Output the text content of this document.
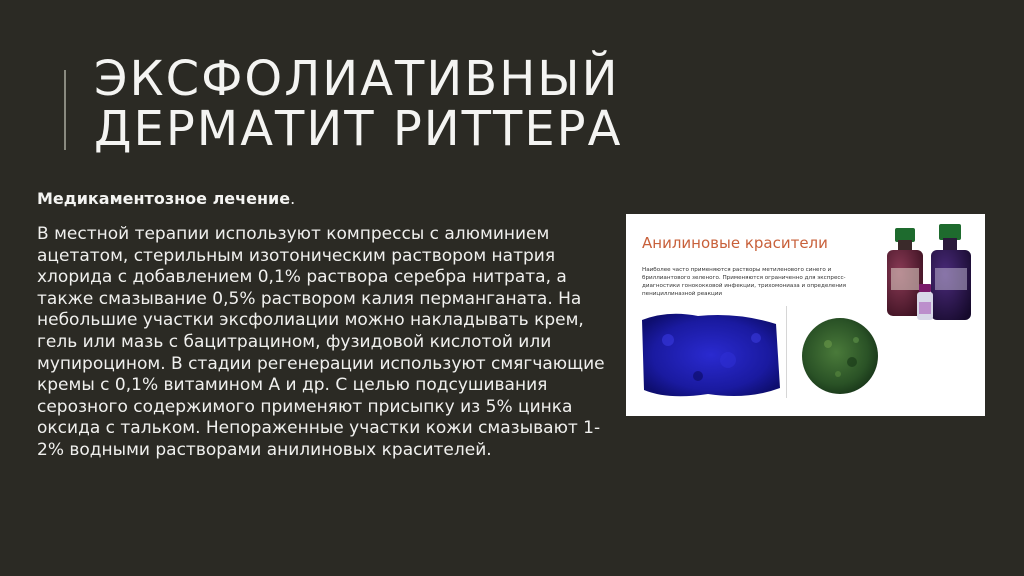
ЭКСФОЛИАТИВНЫЙ
ДЕРМАТИТ РИТТЕРА
Медикаментозное лечение.

В местной терапии используют компрессы с алюминием ацетатом, стерильным изотоническим раствором натрия хлорида с добавлением 0,1% раствора серебра нитрата, а также смазывание 0,5% раствором калия перманганата. На небольшие участки эксфолиации можно накладывать крем, гель или мазь с бацитрацином, фузидовой кислотой или мупироцином. В стадии регенерации используют смягчающие кремы с 0,1% витамином А и др. С целью подсушивания серозного содержимого применяют присыпку из 5% цинка оксида с тальком. Непораженные участки кожи смазывают 1-2% водными растворами анилиновых красителей.

Анилиновые красители
Наиболее часто применяются растворы метиленового синего и бриллиантового зеленого. Применяются ограниченно для экспресс-диагностики гонококковой инфекции, трихомониаза и определения пенициллиназной реакции
